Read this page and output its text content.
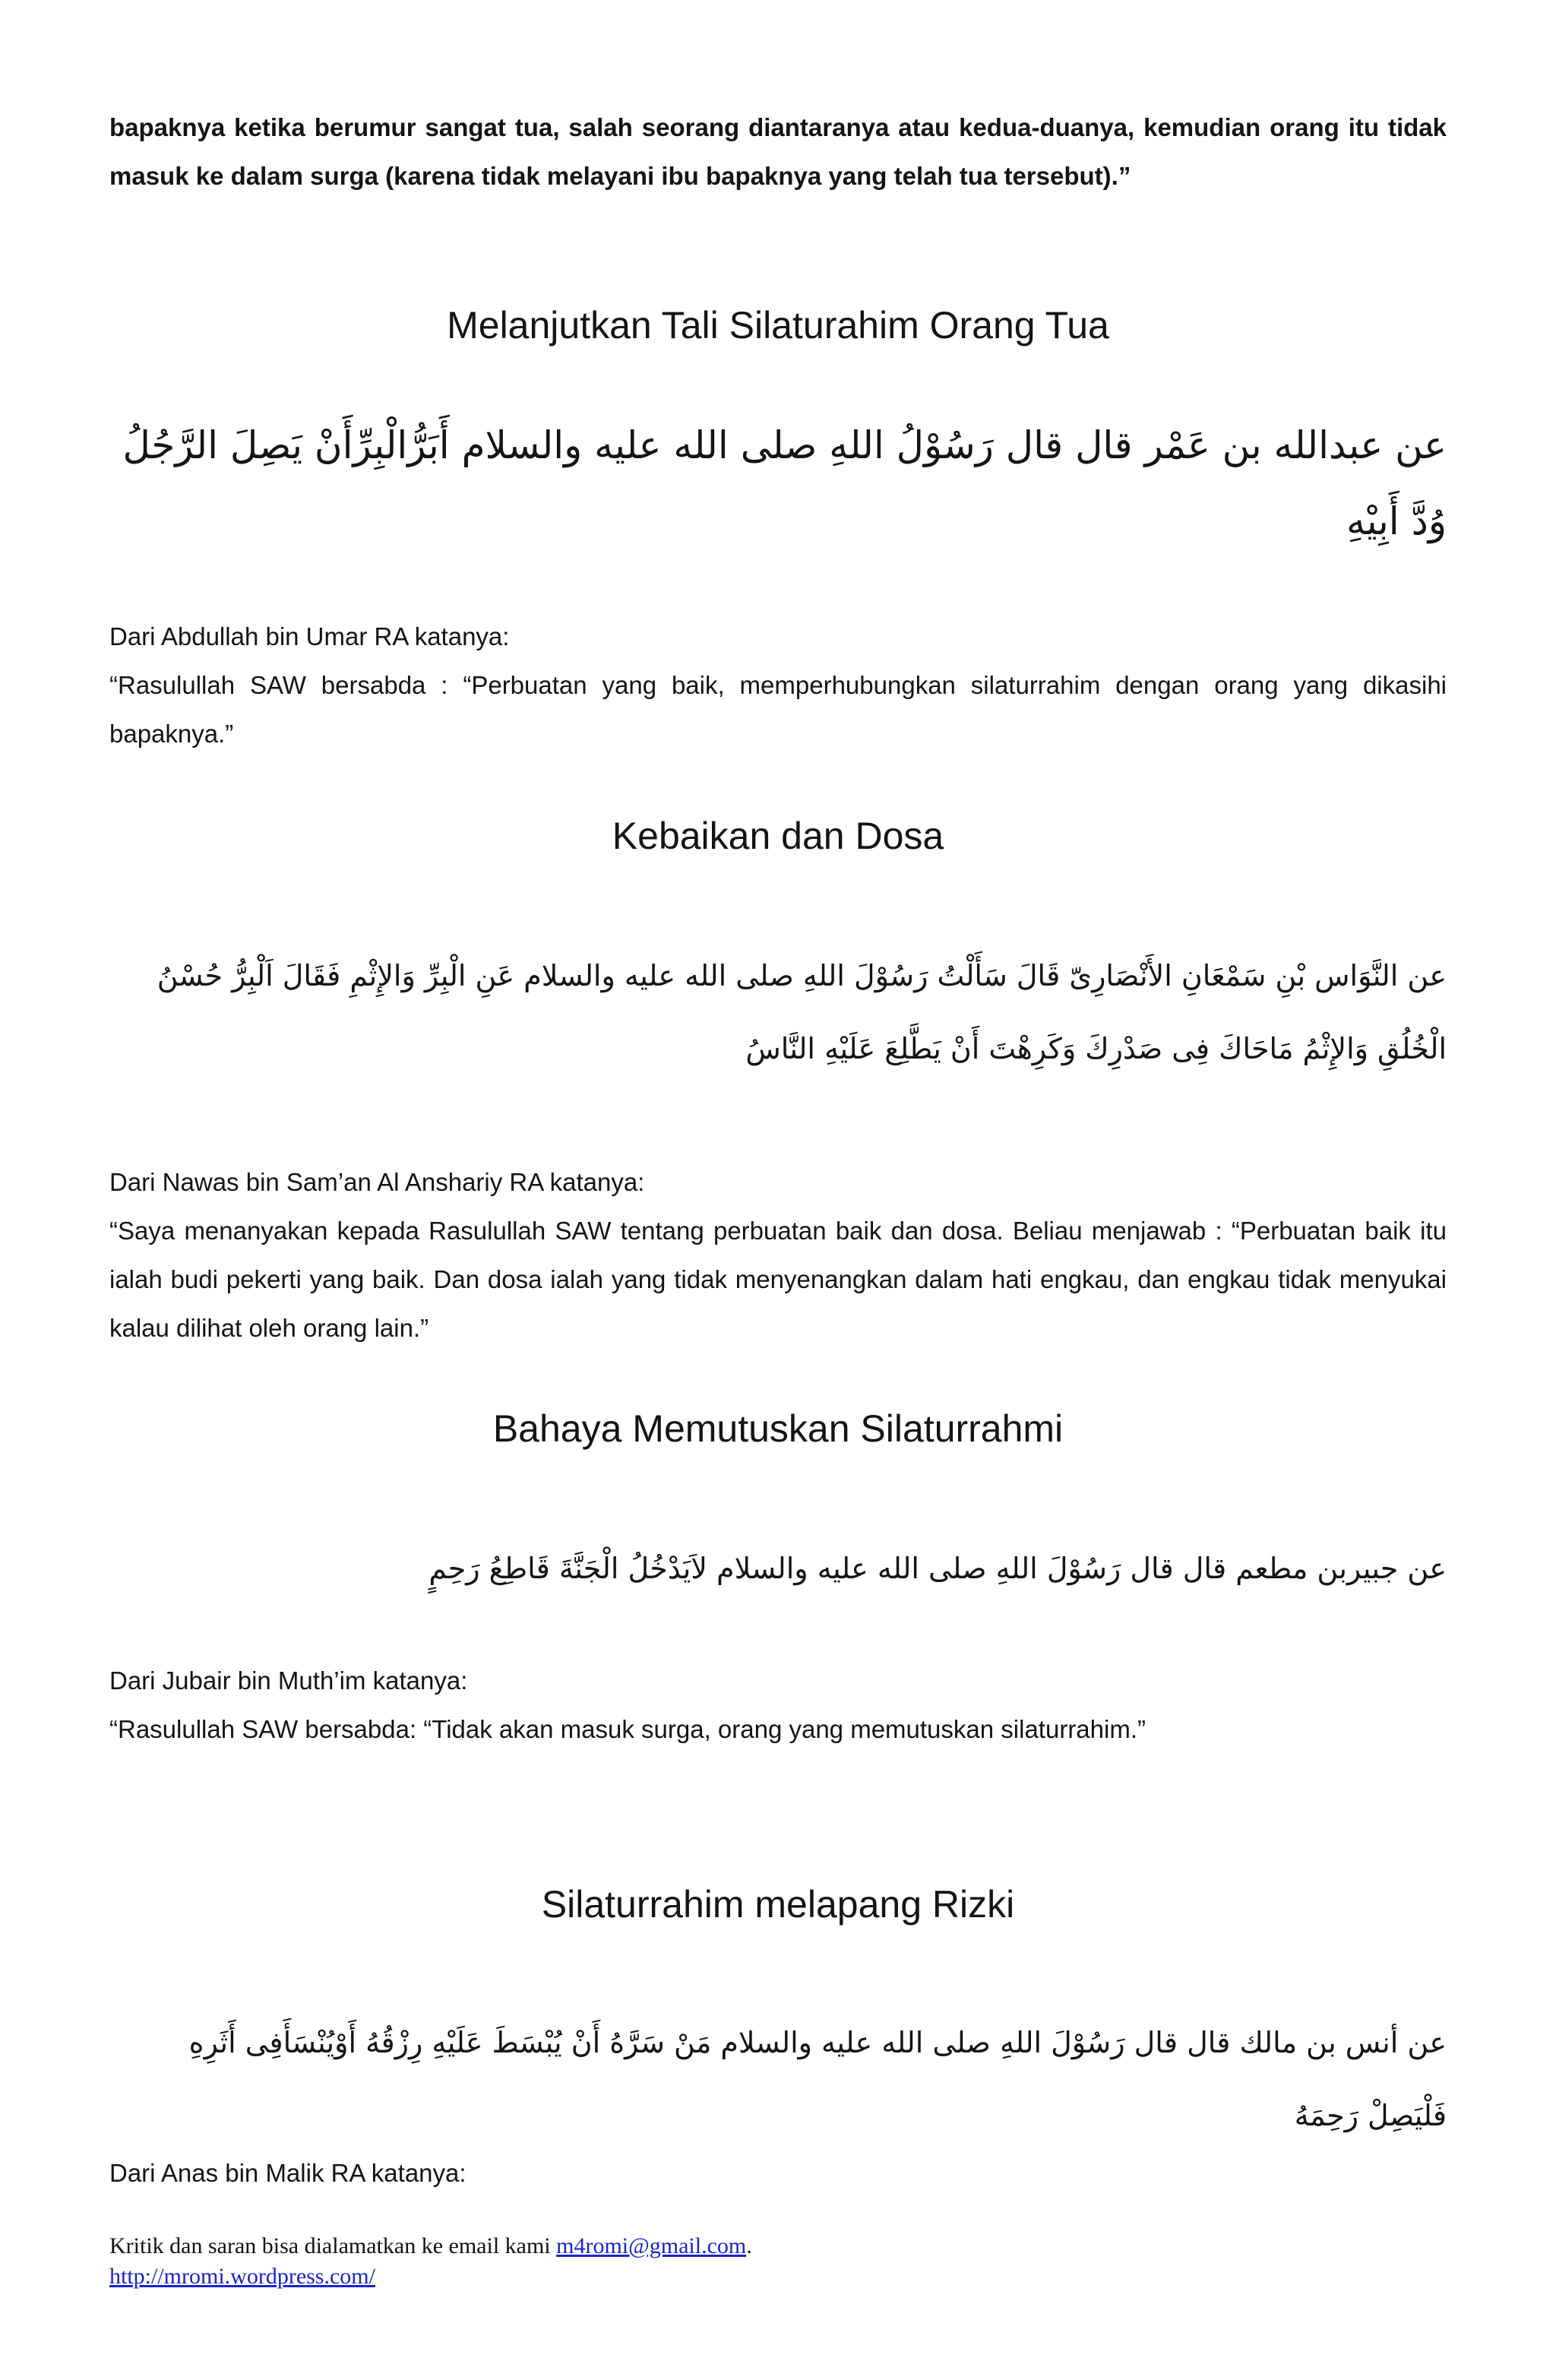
bapaknya ketika berumur sangat tua, salah seorang diantaranya atau kedua-duanya, kemudian orang itu tidak masuk ke dalam surga (karena tidak melayani ibu bapaknya yang telah tua tersebut).”

Melanjutkan Tali Silaturahim Orang Tua

عن عبدالله بن عَمْر قال قال رَسُوْلُ اللهِ صلى الله عليه والسلام أَبَرُّالْبِرِّأَنْ يَصِلَ الرَّجُلُ وُدَّ أَبِيْهِ

Dari Abdullah bin Umar RA katanya:
“Rasulullah SAW bersabda : “Perbuatan yang baik, memperhubungkan silaturrahim dengan orang yang dikasihi bapaknya.”

Kebaikan dan Dosa

عن النَّوَاس بْنِ سَمْعَانِ الأَنْصَارِىّ قَالَ سَأَلْتُ رَسُوْلَ اللهِ صلى الله عليه والسلام عَنِ الْبِرِّ وَالإِثْمِ فَقَالَ اَلْبِرُّ حُسْنُ الْخُلُقِ وَالإِثْمُ مَاحَاكَ فِى صَدْرِكَ وَكَرِهْتَ أَنْ يَطَّلِعَ عَلَيْهِ النَّاسُ

Dari Nawas bin Sam’an Al Anshariy RA katanya:
“Saya menanyakan kepada Rasulullah SAW tentang perbuatan baik dan dosa. Beliau menjawab : “Perbuatan baik itu ialah budi pekerti yang baik. Dan dosa ialah yang tidak menyenangkan dalam hati engkau, dan engkau tidak menyukai kalau dilihat oleh orang lain.”

Bahaya Memutuskan Silaturrahmi

عن جبيربن مطعم قال قال رَسُوْلَ اللهِ صلى الله عليه والسلام لاَيَدْخُلُ الْجَنَّةَ قَاطِعُ رَحِمٍ

Dari Jubair bin Muth’im katanya:
“Rasulullah SAW bersabda: “Tidak akan masuk surga, orang yang memutuskan silaturrahim.”

Silaturrahim melapang Rizki

عن أنس بن مالك قال قال رَسُوْلَ اللهِ صلى الله عليه والسلام مَنْ سَرَّهُ أَنْ يُبْسَطَ عَلَيْهِ رِزْقُهُ أَوْيُنْسَأَفِى أَثَرِهِ فَلْيَصِلْ رَحِمَهُ

Dari Anas bin Malik RA katanya:

Kritik dan saran bisa dialamatkan ke email kami m4romi@gmail.com.
http://mromi.wordpress.com/
